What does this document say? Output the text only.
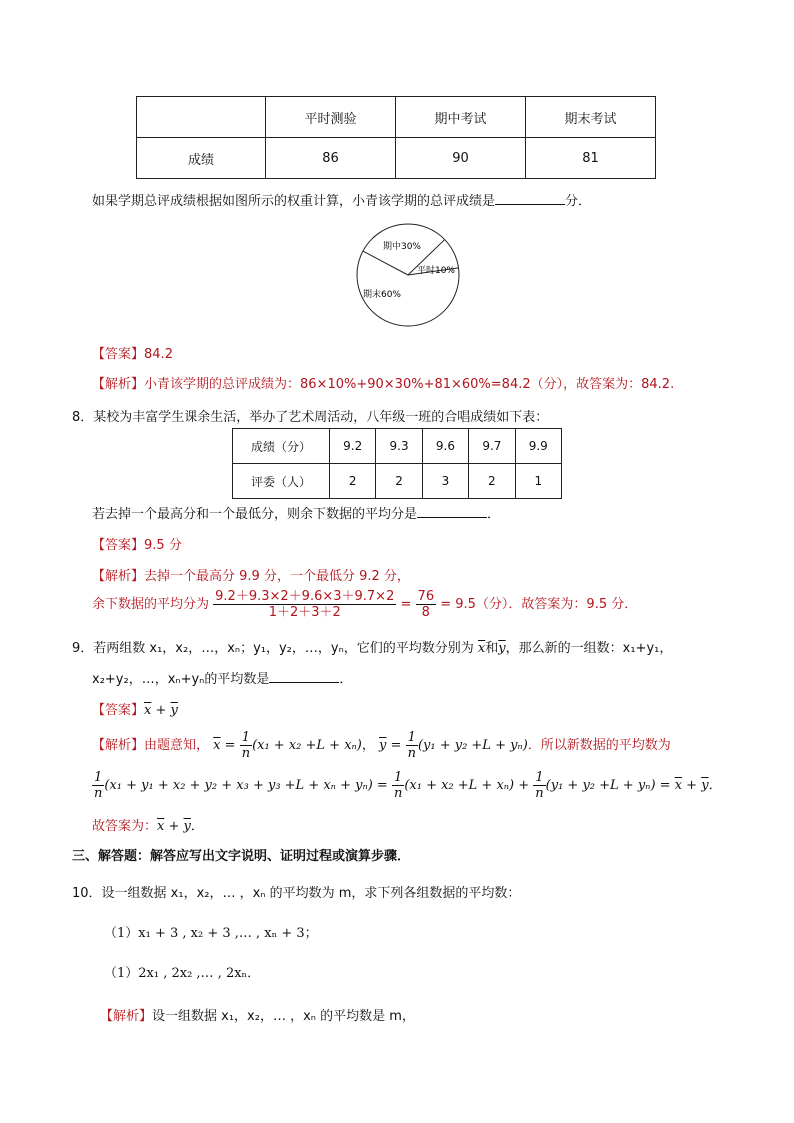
	平时测验	期中考试	期末考试
成绩	86	90	81
如果学期总评成绩根据如图所示的权重计算，小青该学期的总评成绩是	分．
期中30%
平时10%
期末60%
【答案】84.2
【解析】小青该学期的总评成绩为：86×10%+90×30%+81×60%=84.2（分），故答案为：84.2.
8．某校为丰富学生课余生活，举办了艺术周活动，八年级一班的合唱成绩如下表：
成绩（分）	9.2	9.3	9.6	9.7	9.9
评委（人）	2	2	3	2	1
若去掉一个最高分和一个最低分，则余下数据的平均分是	．
【答案】9.5 分
【解析】去掉一个最高分 9.9 分，一个最低分 9.2 分，
余下数据的平均分为 $\frac{9.2+9.3\times 2+9.6\times 3+9.7\times 2}{1+2+3+2} = \frac{76}{8} = 9.5$（分）．故答案为：9.5 分．
9．若两组数 x₁，x₂，…，xₙ；y₁，y₂，…，yₙ，它们的平均数分别为 $\overline{x}$和$\overline{y}$，那么新的一组数：x₁+y₁，
x₂+y₂，…，xₙ+yₙ的平均数是	．
【答案】$\overline{x} + \overline{y}$
【解析】由题意知， $\overline{x} = \frac{1}{n} (x_1 + x_2 +L + x_n)$， $\overline{y} = \frac{1}{n} (y_1 + y_2 +L + y_n)$．所以新数据的平均数为
$\frac{1}{n} (x_1 + y_1 + x_2 + y_2 + x_3 + y_3 +L + x_n + y_n) = \frac{1}{n} (x_1 + x_2 +L + x_n) + \frac{1}{n} (y_1 + y_2 +L + y_n) = \overline{x} + \overline{y}$．
故答案为：$\overline{x} + \overline{y}$．
三、解答题：解答应写出文字说明、证明过程或演算步骤．
10．设一组数据 x₁，x₂，… ，xₙ 的平均数为 m，求下列各组数据的平均数：
（1）x₁ + 3 , x₂ + 3 ,… , xₙ + 3；
（1）2x₁ , 2x₂ ,… , 2xₙ．
【解析】设一组数据 x₁，x₂，… ，xₙ 的平均数是 m，
